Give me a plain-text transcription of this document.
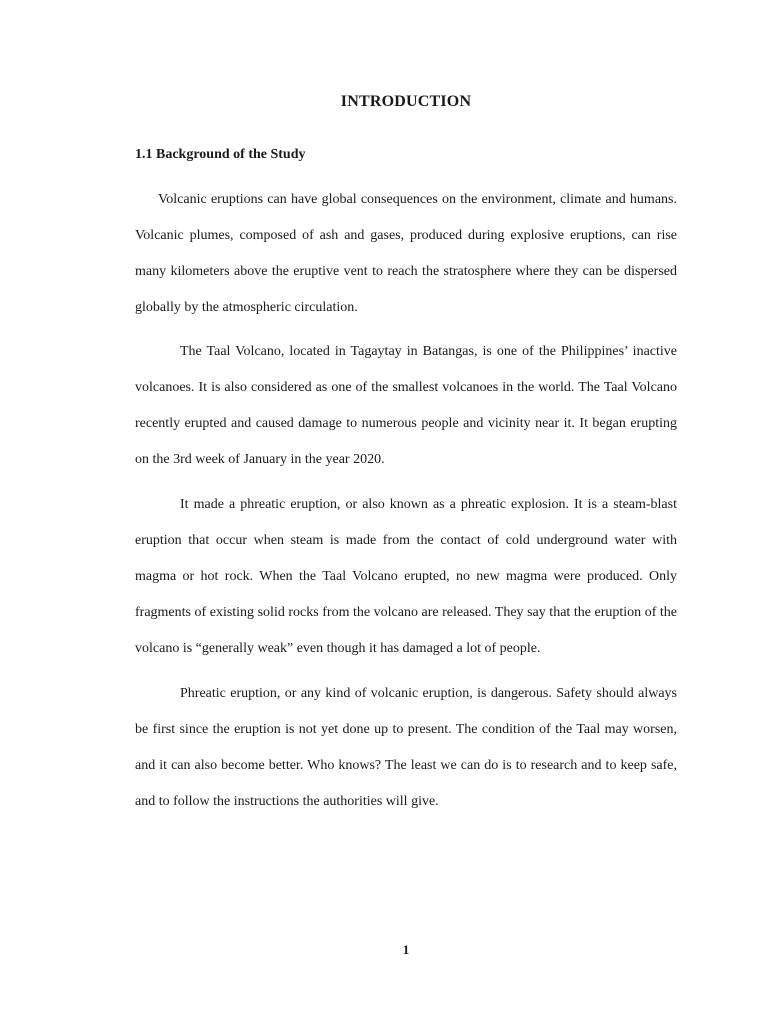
INTRODUCTION
1.1 Background of the Study

Volcanic eruptions can have global consequences on the environment, climate and humans. Volcanic plumes, composed of ash and gases, produced during explosive eruptions, can rise many kilometers above the eruptive vent to reach the stratosphere where they can be dispersed globally by the atmospheric circulation.

The Taal Volcano, located in Tagaytay in Batangas, is one of the Philippines’ inactive volcanoes. It is also considered as one of the smallest volcanoes in the world. The Taal Volcano recently erupted and caused damage to numerous people and vicinity near it. It began erupting on the 3rd week of January in the year 2020.

It made a phreatic eruption, or also known as a phreatic explosion. It is a steam-blast eruption that occur when steam is made from the contact of cold underground water with magma or hot rock. When the Taal Volcano erupted, no new magma were produced. Only fragments of existing solid rocks from the volcano are released. They say that the eruption of the volcano is “generally weak” even though it has damaged a lot of people.

Phreatic eruption, or any kind of volcanic eruption, is dangerous. Safety should always be first since the eruption is not yet done up to present. The condition of the Taal may worsen, and it can also become better. Who knows? The least we can do is to research and to keep safe, and to follow the instructions the authorities will give.

1
